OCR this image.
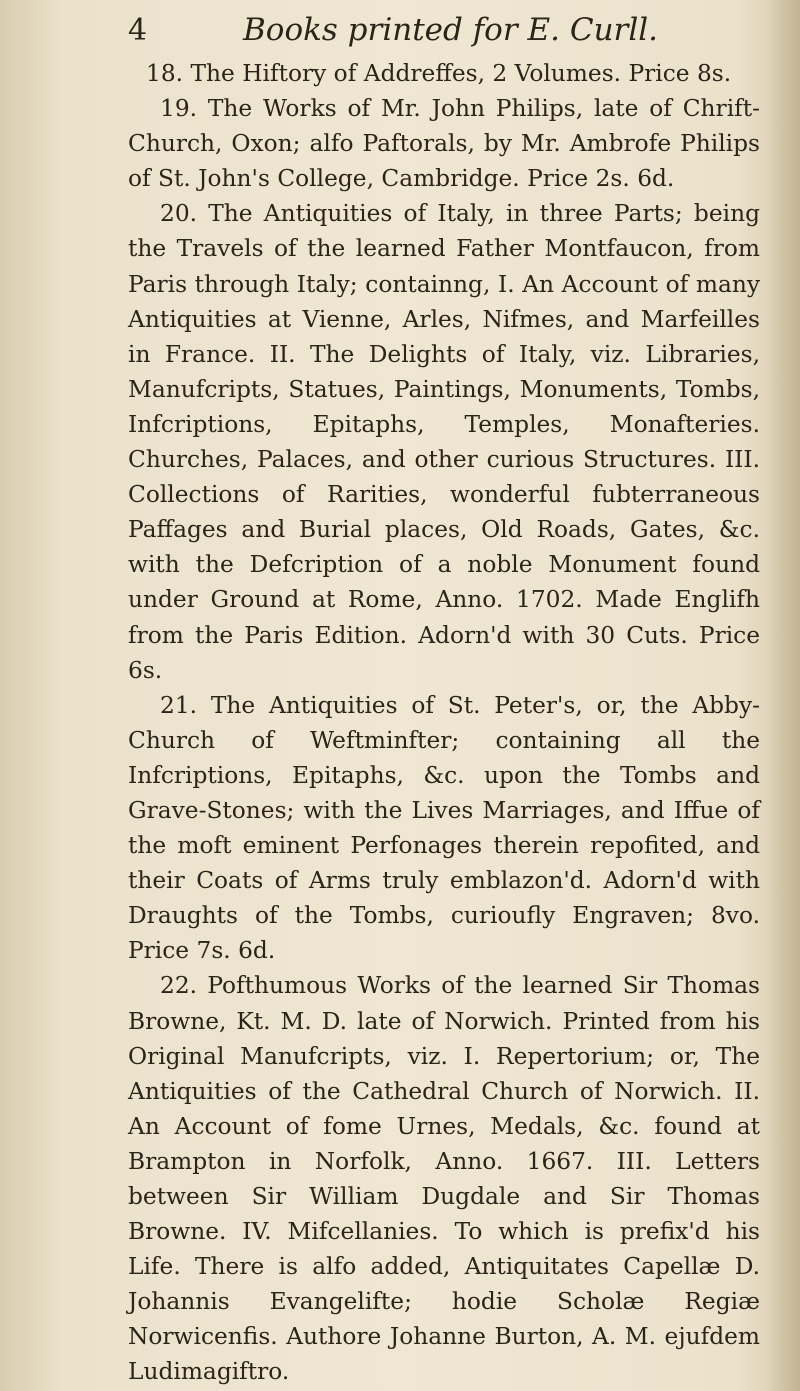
4	Books printed for E. Curll.

18. The Hiftory of Addreffes, 2 Volumes. Price 8s.

19. The Works of Mr. John Philips, late of Chrift-Church, Oxon; alfo Paftorals, by Mr. Ambrofe Philips of St. John's College, Cambridge. Price 2s. 6d.

20. The Antiquities of Italy, in three Parts; being the Travels of the learned Father Montfaucon, from Paris through Italy; containng, I. An Account of many Antiquities at Vienne, Arles, Nifmes, and Marfeilles in France. II. The Delights of Italy, viz. Libraries, Manufcripts, Statues, Paintings, Monuments, Tombs, Infcriptions, Epitaphs, Temples, Monafteries. Churches, Palaces, and other curious Structures. III. Collections of Rarities, wonderful fubterraneous Paffages and Burial places, Old Roads, Gates, &c. with the Defcription of a noble Monument found under Ground at Rome, Anno. 1702. Made Englifh from the Paris Edition. Adorn'd with 30 Cuts. Price 6s.

21. The Antiquities of St. Peter's, or, the Abby-Church of Weftminfter; containing all the Infcriptions, Epitaphs, &c. upon the Tombs and Grave-Stones; with the Lives Marriages, and Iffue of the moft eminent Perfonages therein repofited, and their Coats of Arms truly emblazon'd. Adorn'd with Draughts of the Tombs, curioufly Engraven; 8vo. Price 7s. 6d.

22. Pofthumous Works of the learned Sir Thomas Browne, Kt. M. D. late of Norwich. Printed from his Original Manufcripts, viz. I. Repertorium; or, The Antiquities of the Cathedral Church of Norwich. II. An Account of fome Urnes, Medals, &c. found at Brampton in Norfolk, Anno. 1667. III. Letters between Sir William Dugdale and Sir Thomas Browne. IV. Mifcellanies. To which is prefix'd his Life. There is alfo added, Antiquitates Capellæ D. Johannis Evangelifte; hodie Scholæ Regiæ Norwicenfis. Authore Johanne Burton, A. M. ejufdem Ludimagiftro.
